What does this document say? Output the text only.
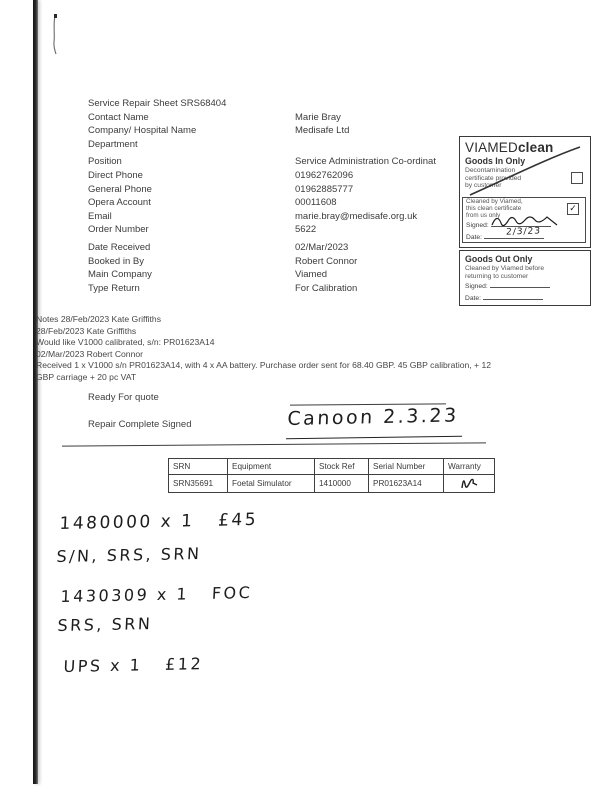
Service Repair Sheet SRS68404
Contact Name	Marie Bray
Company/ Hospital Name	Medisafe Ltd
Department
Position	Service Administration Co-ordinat
Direct Phone	01962762096
General Phone	01962885777
Opera Account	00011608
Email	marie.bray@medisafe.org.uk
Order Number	5622
Date Received	02/Mar/2023
Booked in By	Robert Connor
Main Company	Viamed
Type Return	For Calibration
VIAMEDclean
Goods In Only
Decontamination
certificate provided
by customer
Cleaned by Viamed,
this clean certificate
from us only
✓
Signed:
Date:	2/3/23
Goods Out Only
Cleaned by Viamed before
returning to customer
Signed:
Date:
Notes 28/Feb/2023 Kate Griffiths
28/Feb/2023 Kate Griffiths
Would like V1000 calibrated, s/n: PR01623A14
02/Mar/2023 Robert Connor
Received 1 x V1000 s/n PR01623A14, with 4 x AA battery. Purchase order sent for 68.40 GBP. 45 GBP calibration, + 12
GBP carriage + 20 pc VAT
Ready For quote
Repair Complete Signed	Canoon 2.3.23
SRN	Equipment	Stock Ref	Serial Number	Warranty
SRN35691	Foetal Simulator	1410000	PR01623A14	
1480000 x 1   £45
S/N, SRS, SRN
1430309 x 1   FOC
SRS, SRN
UPS x 1   £12
